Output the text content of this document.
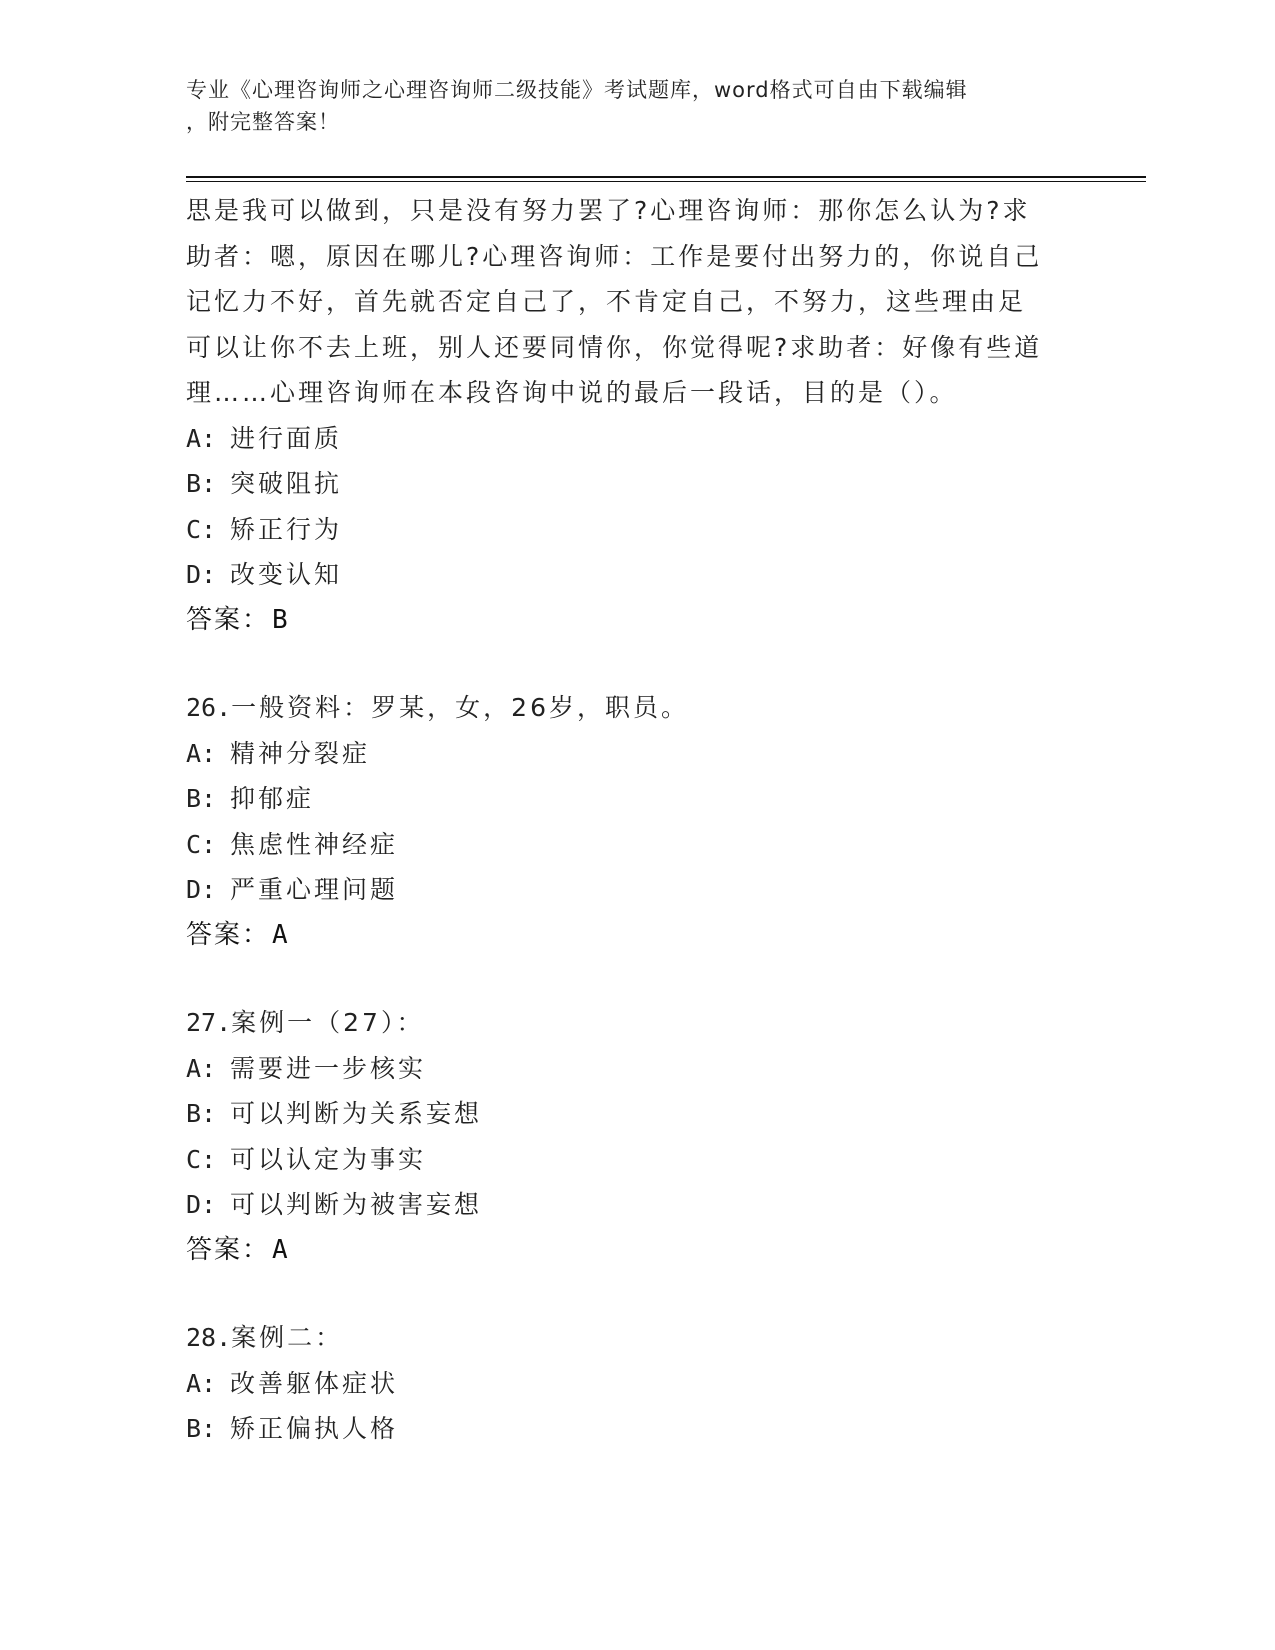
专业《心理咨询师之心理咨询师二级技能》考试题库，word格式可自由下载编辑
，附完整答案！
思是我可以做到，只是没有努力罢了?心理咨询师：那你怎么认为?求
助者：嗯，原因在哪儿?心理咨询师：工作是要付出努力的，你说自己
记忆力不好，首先就否定自己了，不肯定自己，不努力，这些理由足
可以让你不去上班，别人还要同情你，你觉得呢?求助者：好像有些道
理……心理咨询师在本段咨询中说的最后一段话，目的是（）。
A: 进行面质
B: 突破阻抗
C: 矫正行为
D: 改变认知
答案：B
26.一般资料：罗某，女，26岁，职员。
A: 精神分裂症
B: 抑郁症
C: 焦虑性神经症
D: 严重心理问题
答案：A
27.案例一（27）：
A: 需要进一步核实
B: 可以判断为关系妄想
C: 可以认定为事实
D: 可以判断为被害妄想
答案：A
28.案例二：
A: 改善躯体症状
B: 矫正偏执人格
